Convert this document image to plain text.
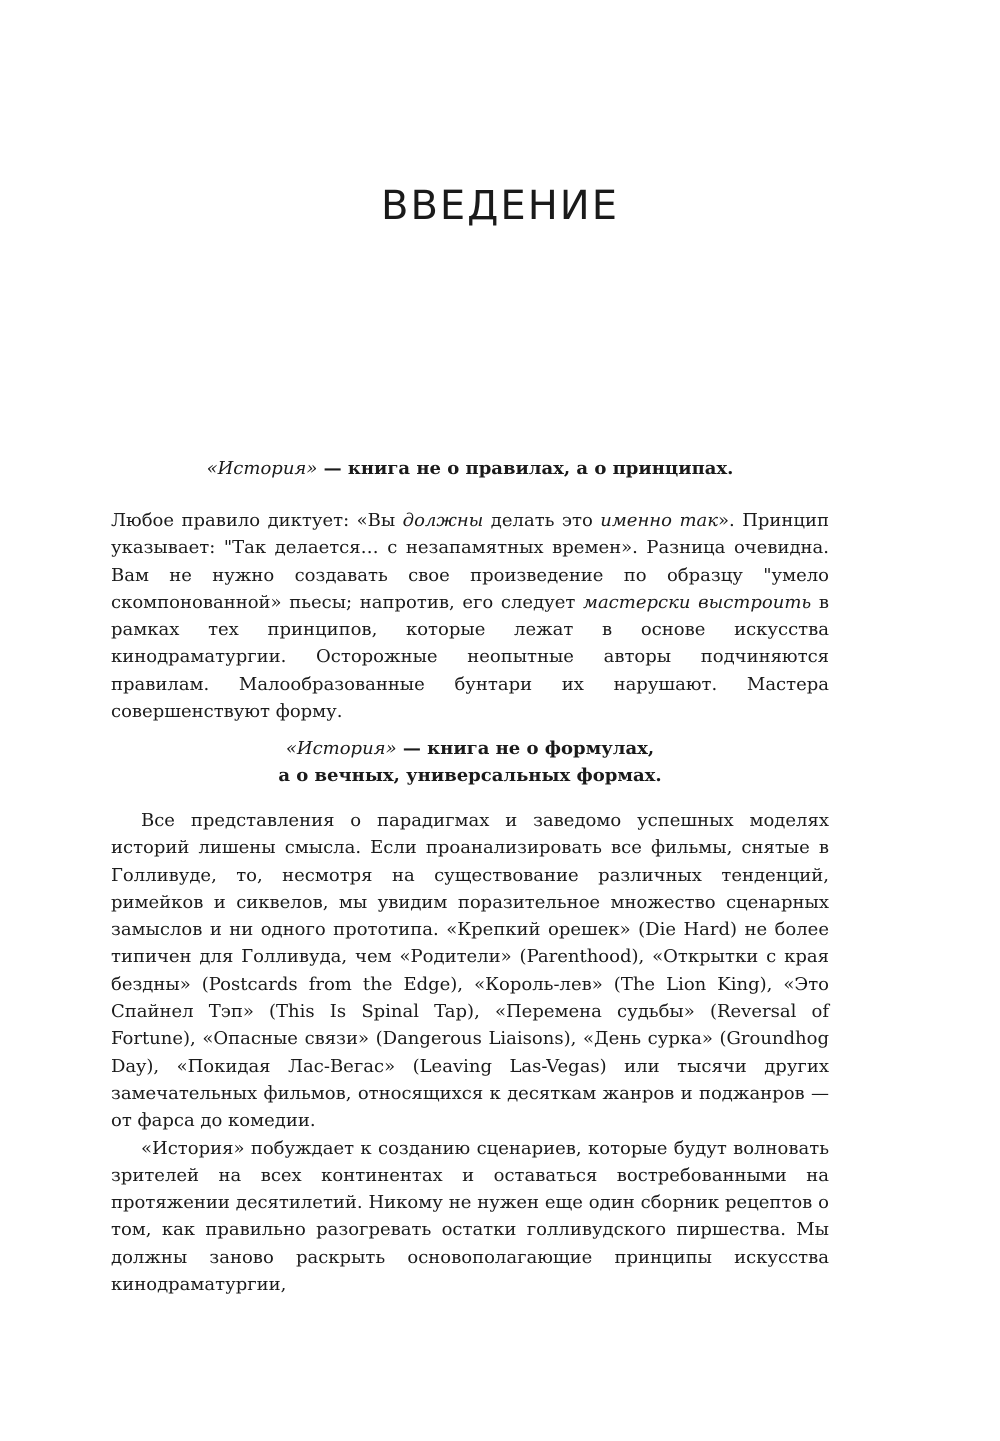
ВВЕДЕНИЕ

«История» — книга не о правилах, а о принципах.

Любое правило диктует: «Вы должны делать это именно так». Принцип указывает: "Так делается… с незапамятных времен». Разница очевидна. Вам не нужно создавать свое произведение по образцу "умело скомпонованной» пьесы; напротив, его следует мастерски выстроить в рамках тех принципов, которые лежат в основе искусства кинодраматургии. Осторожные неопытные авторы подчиняются правилам. Малообразованные бунтари их нарушают. Мастера совершенствуют форму.

«История» — книга не о формулах,

а о вечных, универсальных формах.

Все представления о парадигмах и заведомо успешных моделях историй лишены смысла. Если проанализировать все фильмы, снятые в Голливуде, то, несмотря на существование различных тенденций, римейков и сиквелов, мы увидим поразительное множество сценарных замыслов и ни одного прототипа. «Крепкий орешек» (Die Hard) не более типичен для Голливуда, чем «Родители» (Parenthood), «Открытки с края бездны» (Postcards from the Edge), «Король-лев» (The Lion King), «Это Спайнел Тэп» (This Is Spinal Tap), «Перемена судьбы» (Reversal of Fortune), «Опасные связи» (Dangerous Liaisons), «День сурка» (Groundhog Day), «Покидая Лас-Вегас» (Leaving Las-Vegas) или тысячи других замечательных фильмов, относящихся к десяткам жанров и поджанров — от фарса до комедии.

«История» побуждает к созданию сценариев, которые будут волновать зрителей на всех континентах и оставаться востребованными на протяжении десятилетий. Никому не нужен еще один сборник рецептов о том, как правильно разогревать остатки голливудского пиршества. Мы должны заново раскрыть основополагающие принципы искусства кинодраматургии,
